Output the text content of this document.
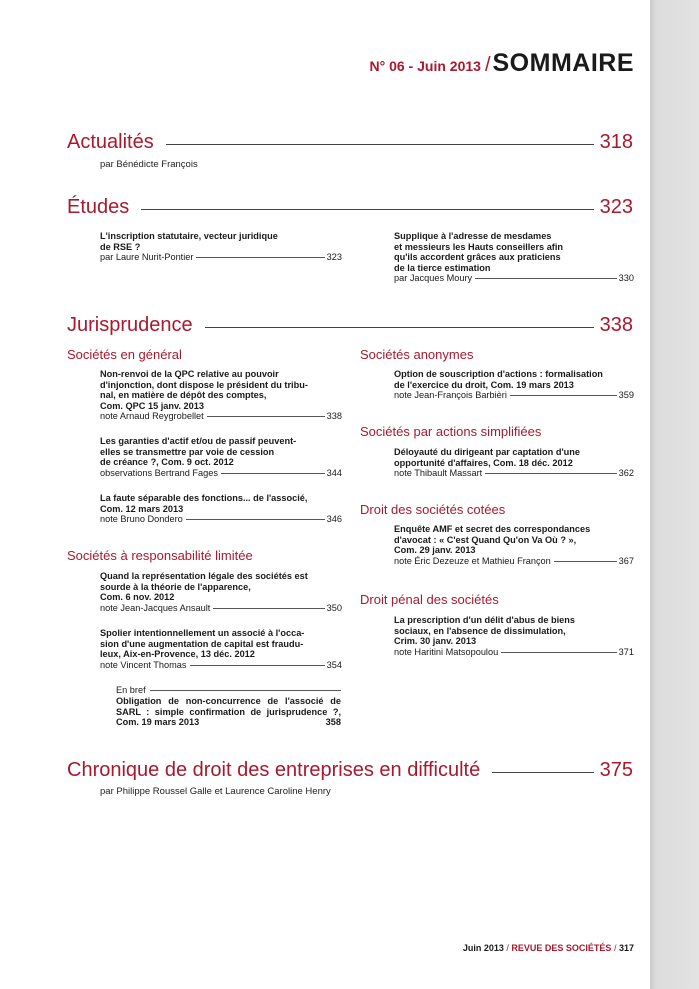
N° 06 - Juin 2013 /SOMMAIRE
Actualités	318
par Bénédicte François
Études	323
L'inscription statutaire, vecteur juridique
de RSE ?
par Laure Nurit-Pontier	323
Supplique à l'adresse de mesdames
et messieurs les Hauts conseillers afin
qu'ils accordent grâces aux praticiens
de la tierce estimation
par Jacques Moury	330
Jurisprudence	338
Sociétés en général
Non-renvoi de la QPC relative au pouvoir
d'injonction, dont dispose le président du tribu-
nal, en matière de dépôt des comptes,
Com. QPC 15 janv. 2013
note Arnaud Reygrobellet	338
Les garanties d'actif et/ou de passif peuvent-
elles se transmettre par voie de cession
de créance ?, Com. 9 oct. 2012
observations Bertrand Fages	344
La faute séparable des fonctions... de l'associé,
Com. 12 mars 2013
note Bruno Dondero	346
Sociétés à responsabilité limitée
Quand la représentation légale des sociétés est
sourde à la théorie de l'apparence,
Com. 6 nov. 2012
note Jean-Jacques Ansault	350
Spolier intentionnellement un associé à l'occa-
sion d'une augmentation de capital est fraudu-
leux, Aix-en-Provence, 13 déc. 2012
note Vincent Thomas	354
En bref
Obligation de non-concurrence de l'associé de SARL : simple confirmation de jurisprudence ?, Com. 19 mars 2013	358
Sociétés anonymes
Option de souscription d'actions : formalisation
de l'exercice du droit, Com. 19 mars 2013
note Jean-François Barbièri	359
Sociétés par actions simplifiées
Déloyauté du dirigeant par captation d'une
opportunité d'affaires, Com. 18 déc. 2012
note Thibault Massart	362
Droit des sociétés cotées
Enquête AMF et secret des correspondances
d'avocat : « C'est Quand Qu'on Va Où ? »,
Com. 29 janv. 2013
note Éric Dezeuze et Mathieu Françon	367
Droit pénal des sociétés
La prescription d'un délit d'abus de biens
sociaux, en l'absence de dissimulation,
Crim. 30 janv. 2013
note Haritini Matsopoulou	371
Chronique de droit des entreprises en difficulté	375
par Philippe Roussel Galle et Laurence Caroline Henry
Juin 2013 / REVUE DES SOCIÉTÉS / 317
